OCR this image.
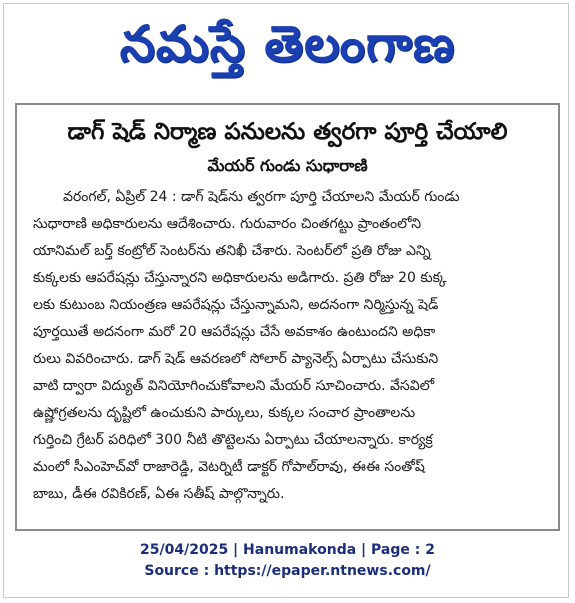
నమస్తే తెలంగాణ
డాగ్ షెడ్ నిర్మాణ పనులను త్వరగా పూర్తి చేయాలి
మేయర్ గుండు సుధారాణి
వరంగల్, ఏప్రిల్ 24 : డాగ్ షెడ్‌ను త్వరగా పూర్తి చేయాలని మేయర్ గుండు
సుధారాణి అధికారులను ఆదేశించారు. గురువారం చింతగట్టు ప్రాంతంలోని
యానిమల్ బర్త్ కంట్రోల్ సెంటర్‌ను తనిఖీ చేశారు. సెంటర్‌లో ప్రతి రోజు ఎన్ని
కుక్కలకు ఆపరేషన్లు చేస్తున్నారని అధికారులను అడిగారు. ప్రతి రోజు 20 కుక్క
లకు కుటుంబ నియంత్రణ ఆపరేషన్లు చేస్తున్నామని, అదనంగా నిర్మిస్తున్న షెడ్
పూర్తయితే అదనంగా మరో 20 ఆపరేషన్లు చేసే అవకాశం ఉంటుందని అధికా
రులు వివరించారు. డాగ్ షెడ్ ఆవరణలో సోలార్ ప్యానెల్స్ ఏర్పాటు చేసుకుని
వాటి ద్వారా విద్యుత్ వినియోగించుకోవాలని మేయర్ సూచించారు. వేసవిలో
ఉష్ణోగ్రతలను దృష్టిలో ఉంచుకుని పార్కులు, కుక్కల సంచార ప్రాంతాలను
గుర్తించి గ్రేటర్ పరిధిలో 300 నీటి తొట్టెలను ఏర్పాటు చేయాలన్నారు. కార్యక్ర
మంలో సీఎంహెచ్‌వో రాజారెడ్డి, వెటర్నిటీ డాక్టర్ గోపాల్‌రావు, ఈఈ సంతోష్
బాబు, డీఈ రవికిరణ్, ఏఈ సతీష్ పాల్గొన్నారు.
25/04/2025 | Hanumakonda | Page : 2
Source : https://epaper.ntnews.com/
